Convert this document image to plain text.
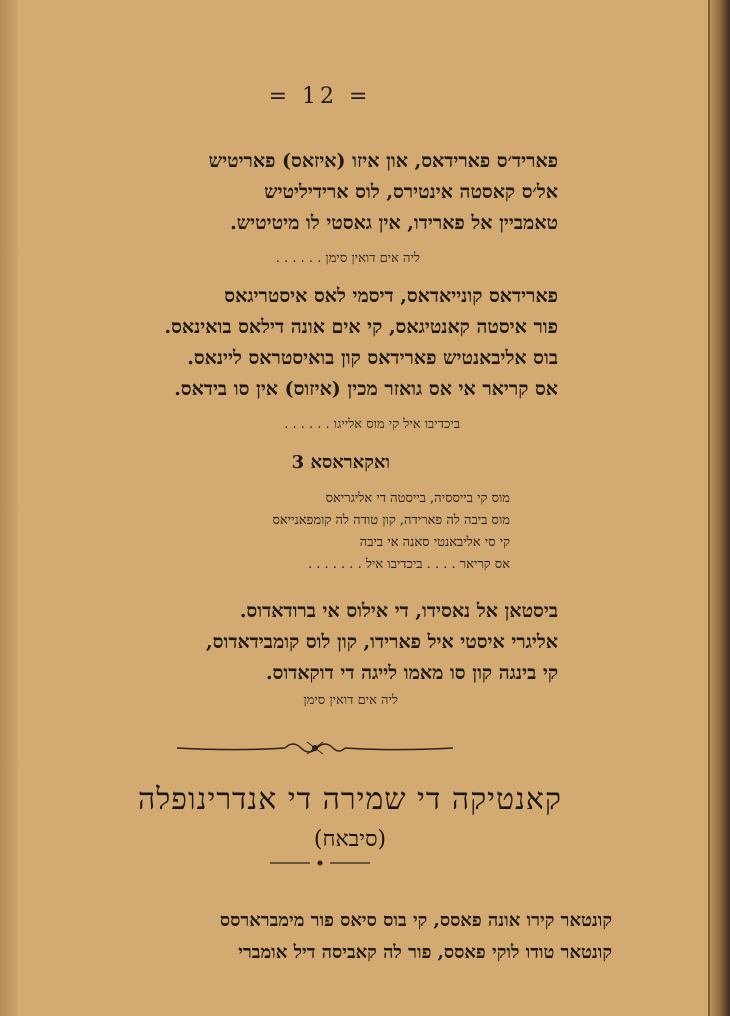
= 12 =
פאריד׳ס פארידאס, און איזו (איזאס) פאריטיש
אל׳ס קאסטה אינטירס, לוס ארידיליטיש
טאמביין אל פארידו, אין גאסטי לו מיטיטיש.
ליה אים דואין סימן . . . . . .
פארידאס קונייאדאס, דיסמי לאס איסטריגאס
פור איסטה קאנטיגאס, קי אים אונה דילאס בואינאס.
בוס אליבאנטיש פארידאס קון בואיסטראס ליינאס.
אס קריאר אי אס גואזר מכין (איזוס) אין סו בידאס.
ביכדיבו איל קי מוס אלייגו . . . . . .
ואקאראסא 3
מוס קי בייססיה, בייסטה די אליגריאס
מוס ביבה לה פארידה, קון טודה לה קומפאנייאס
קי סי אליבאנטי סאנה אי ביבה
אס קריאר . . . . ביכדיבו איל . . . . . . .
ביסטאן אל נאסידו, די אילוס אי ברודאדוס.
אליגרי איסטי איל פארידו, קון לוס קומבידאדוס,
קי בינגה קון סו מאמו לייגה די דוקאדוס.
ליה אים דואין סימן
קאנטיקה די שמירה די אנדרינופלה
(סיבאח)
קונטאר קירו אונה פאסס, קי בוס סיאס פור מימברארסס
קונטאר טודו לוקי פאסס, פור לה קאביסה דיל אומברי
